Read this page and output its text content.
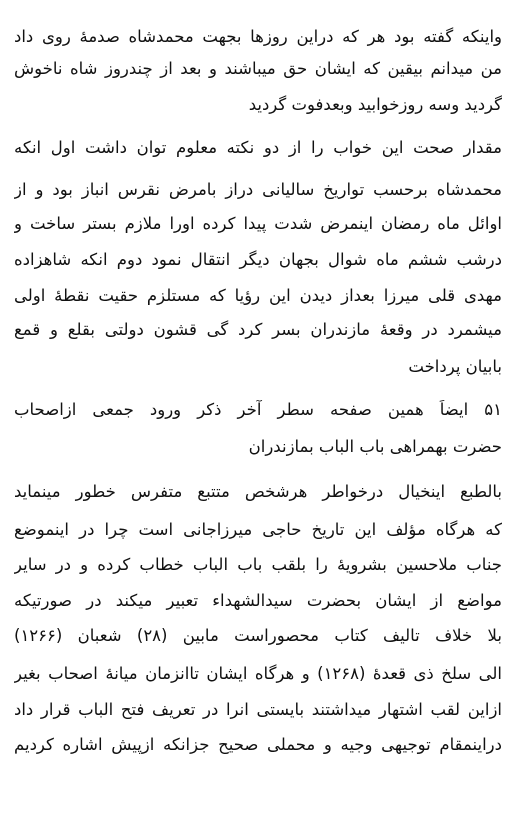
واینکه گفته بود هر که دراین روزها بجهت محمدشاه صدمهٔ روی داد
من میدانم بیقین که ایشان حق میباشند و بعد از چندروز شاه ناخوش
گردید وسه روزخوابید وبعدفوت گردید
مقدار صحت این خواب را از دو نکته معلوم توان داشت اول انکه
محمدشاه برحسب تواریخ سالیانی دراز بامرض نقرس انباز بود و از
اوائل ماه رمضان اینمرض شدت پیدا کرده اورا ملازم بستر ساخت و
درشب ششم ماه شوال بجهان دیگر انتقال نمود دوم انکه شاهزاده
مهدی قلی میرزا بعداز دیدن این رؤیا که مستلزم حقیت نقطهٔ اولی
میشمرد در وقعهٔ مازندران بسر کرد گی قشون دولتی بقلع و قمع
بابیان پرداخت
۵۱ ایضاً همین صفحه سطر آخر ذکر ورود جمعی ازاصحاب
حضرت بهمراهی باب الباب بمازندران
بالطبع اینخیال درخواطر هرشخص متتبع متفرس خطور مینماید
که هرگاه مؤلف این تاریخ حاجی میرزاجانی است چرا در اینموضع
جناب ملاحسین بشرویهٔ را بلقب باب الباب خطاب کرده و در سایر
مواضع از ایشان بحضرت سیدالشهداء تعبیر میکند در صورتیکه
بلا خلاف تالیف کتاب محصوراست مابین (۲۸) شعبان (۱۲۶۶)
الی سلخ ذی قعدهٔ (۱۲۶۸) و هرگاه ایشان تاانزمان میانهٔ اصحاب بغیر
ازاین لقب اشتهار میداشتند بایستی انرا در تعریف فتح الباب قرار داد
دراینمقام توجیهی وجیه و محملی صحیح جزانکه ازپیش اشاره کردیم
